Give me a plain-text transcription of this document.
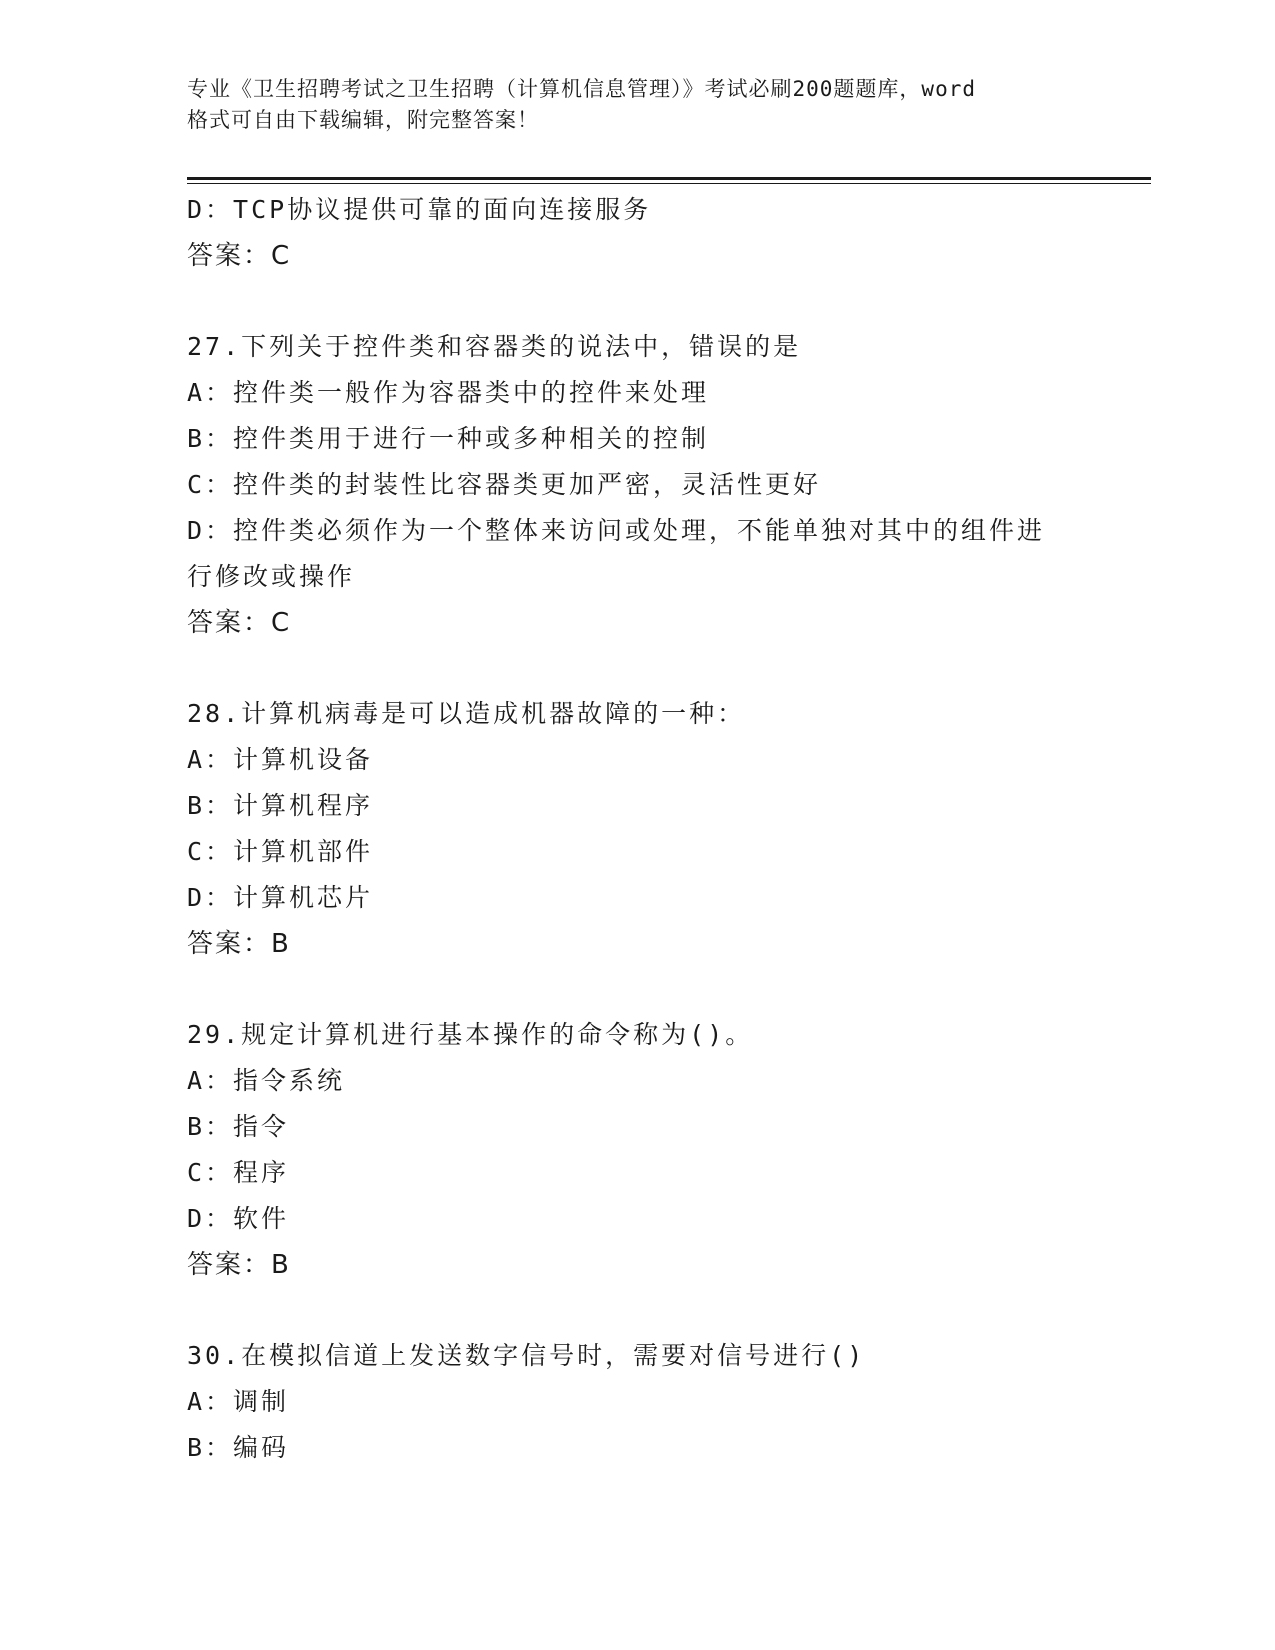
专业《卫生招聘考试之卫生招聘（计算机信息管理）》考试必刷200题题库，word
格式可自由下载编辑，附完整答案！
D：TCP协议提供可靠的面向连接服务
答案：C
27.下列关于控件类和容器类的说法中，错误的是
A：控件类一般作为容器类中的控件来处理
B：控件类用于进行一种或多种相关的控制
C：控件类的封装性比容器类更加严密，灵活性更好
D：控件类必须作为一个整体来访问或处理，不能单独对其中的组件进
行修改或操作
答案：C
28.计算机病毒是可以造成机器故障的一种：
A：计算机设备
B：计算机程序
C：计算机部件
D：计算机芯片
答案：B
29.规定计算机进行基本操作的命令称为()。
A：指令系统
B：指令
C：程序
D：软件
答案：B
30.在模拟信道上发送数字信号时，需要对信号进行()
A：调制
B：编码
